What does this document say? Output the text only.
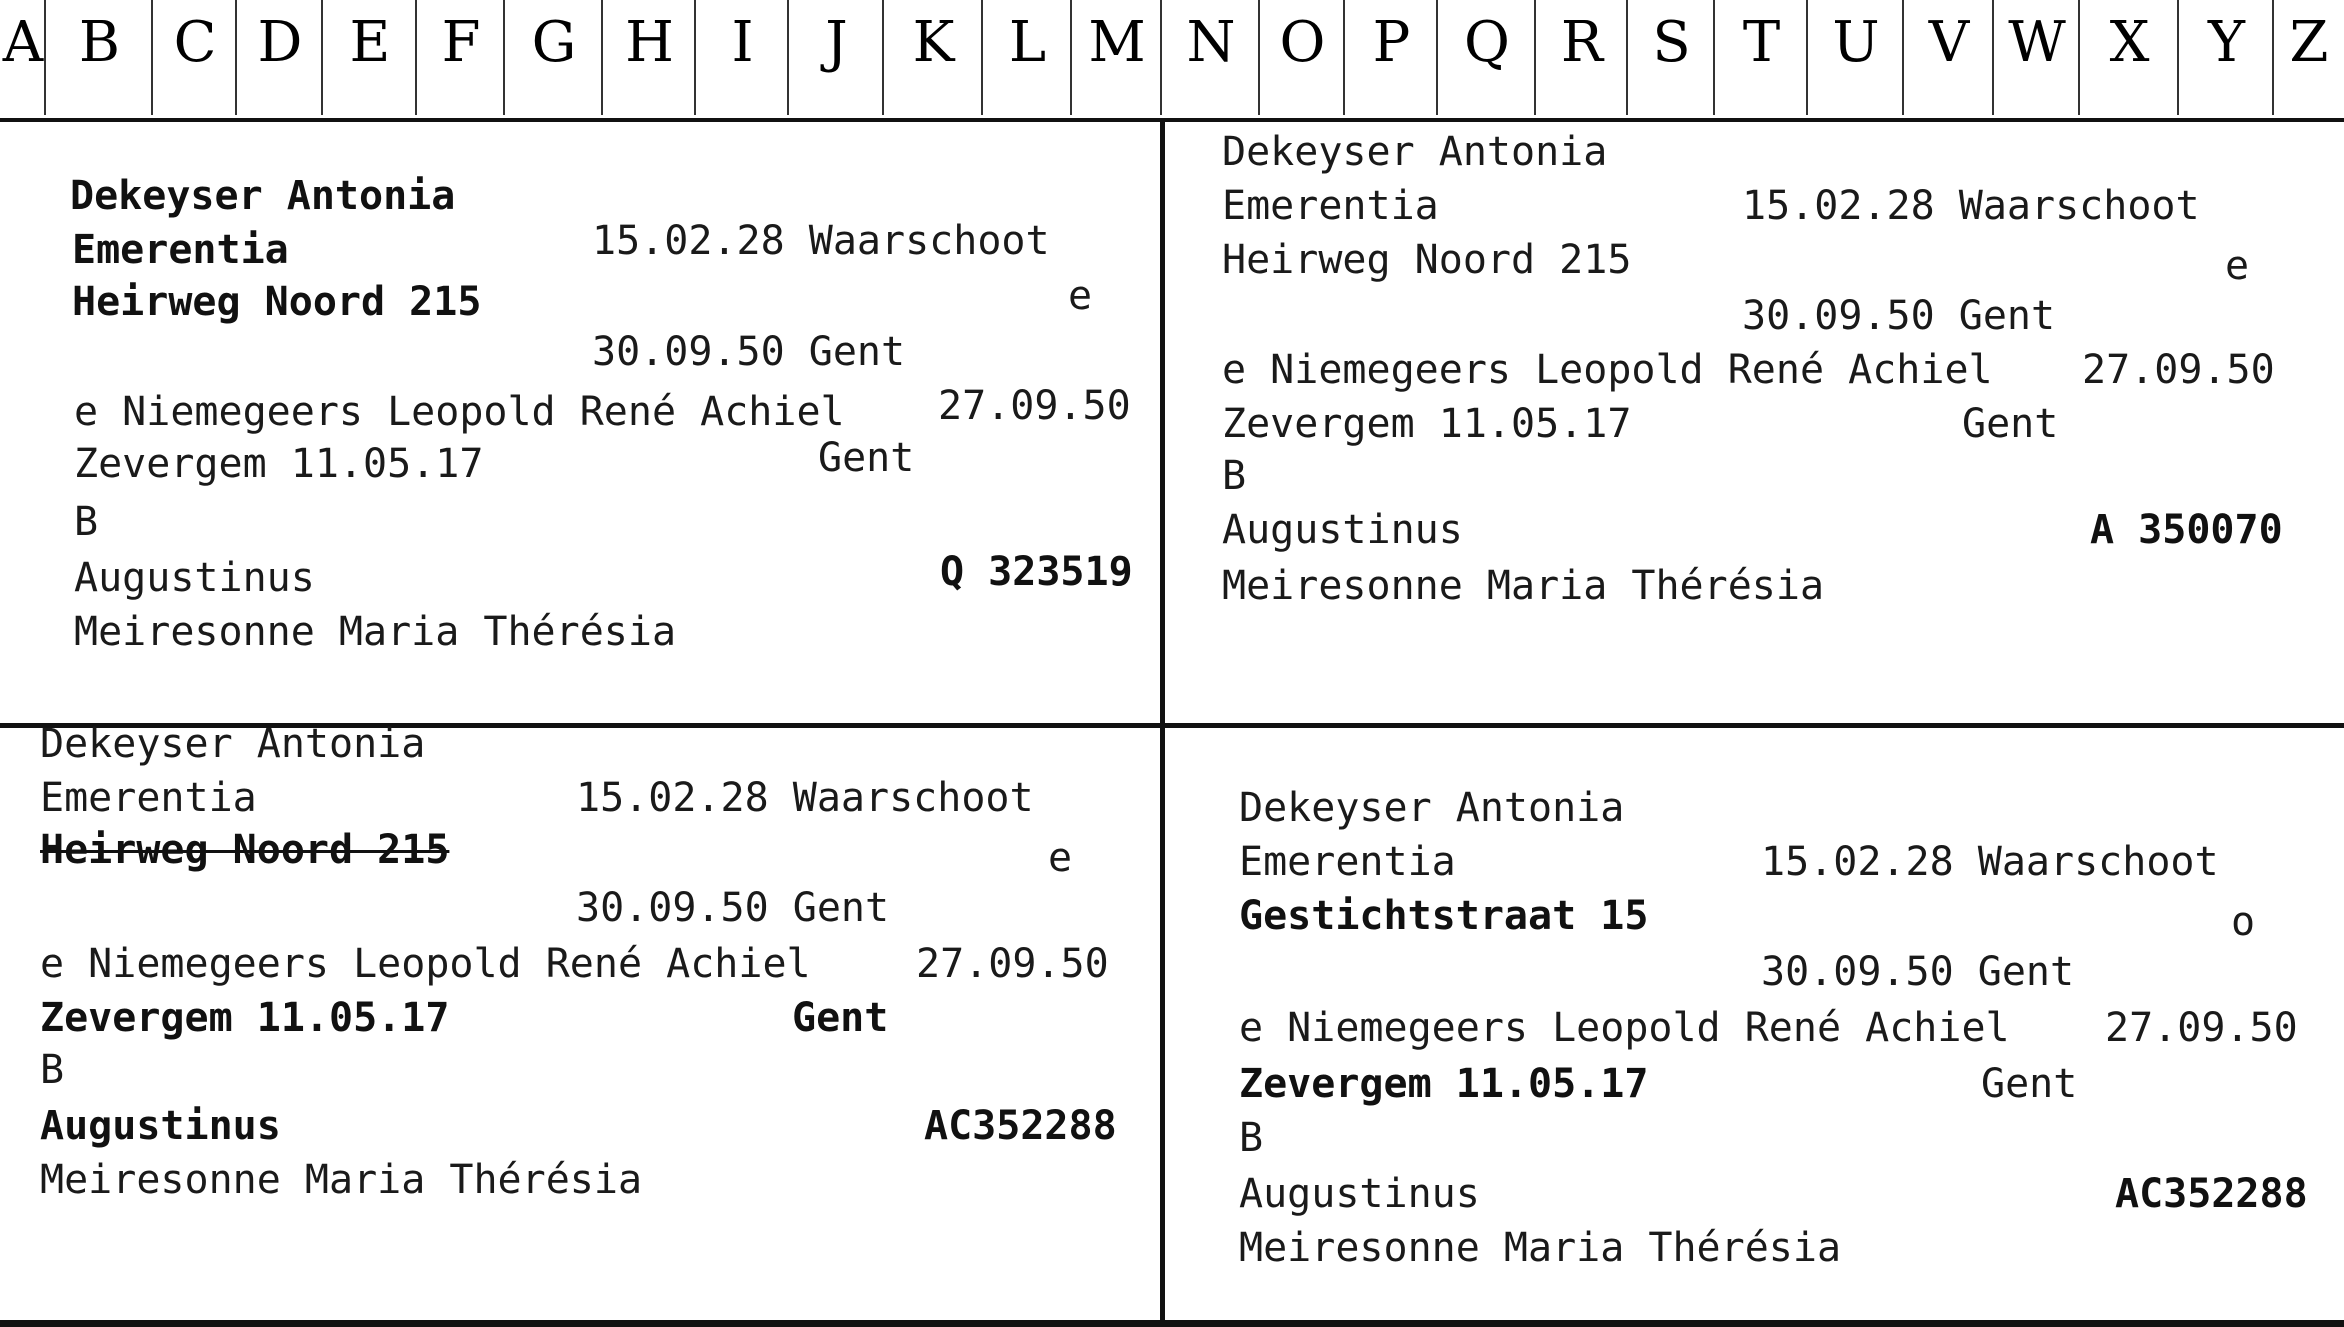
A B C D E F G H	I	J	K L M N O P Q R S T U V W X	Y Z
Dekeyser Antonia
Emerentia	15.02.28 Waarschoot
Heirweg Noord 215	e
30.09.50 Gent
e Niemegeers Leopold René Achiel 27.09.50
Zevergem 11.05.17	Gent
B
Augustinus	Q 323519
Meiresonne Maria Thérésia
Dekeyser Antonia
Emerentia	15.02.28 Waarschoot
Heirweg Noord 215	e
30.09.50 Gent
e Niemegeers Leopold René Achiel 27.09.50
Zevergem 11.05.17	Gent
B
Augustinus	A 350070
Meiresonne Maria Thérésia
Dekeyser Antonia
Emerentia	15.02.28 Waarschoot
Heirweg Noord 215	e
30.09.50 Gent
e Niemegeers Leopold René Achiel	27.09.50
Zevergem 11.05.17	Gent
B
Augustinus	AC352288
Meiresonne Maria Thérésia
Dekeyser Antonia
Emerentia	15.02.28 Waarschoot
Gestichtstraat 15	o
30.09.50 Gent
e Niemegeers Leopold René Achiel 27.09.50
Zevergem 11.05.17	Gent
B
Augustinus	AC352288
Meiresonne Maria Thérésia
